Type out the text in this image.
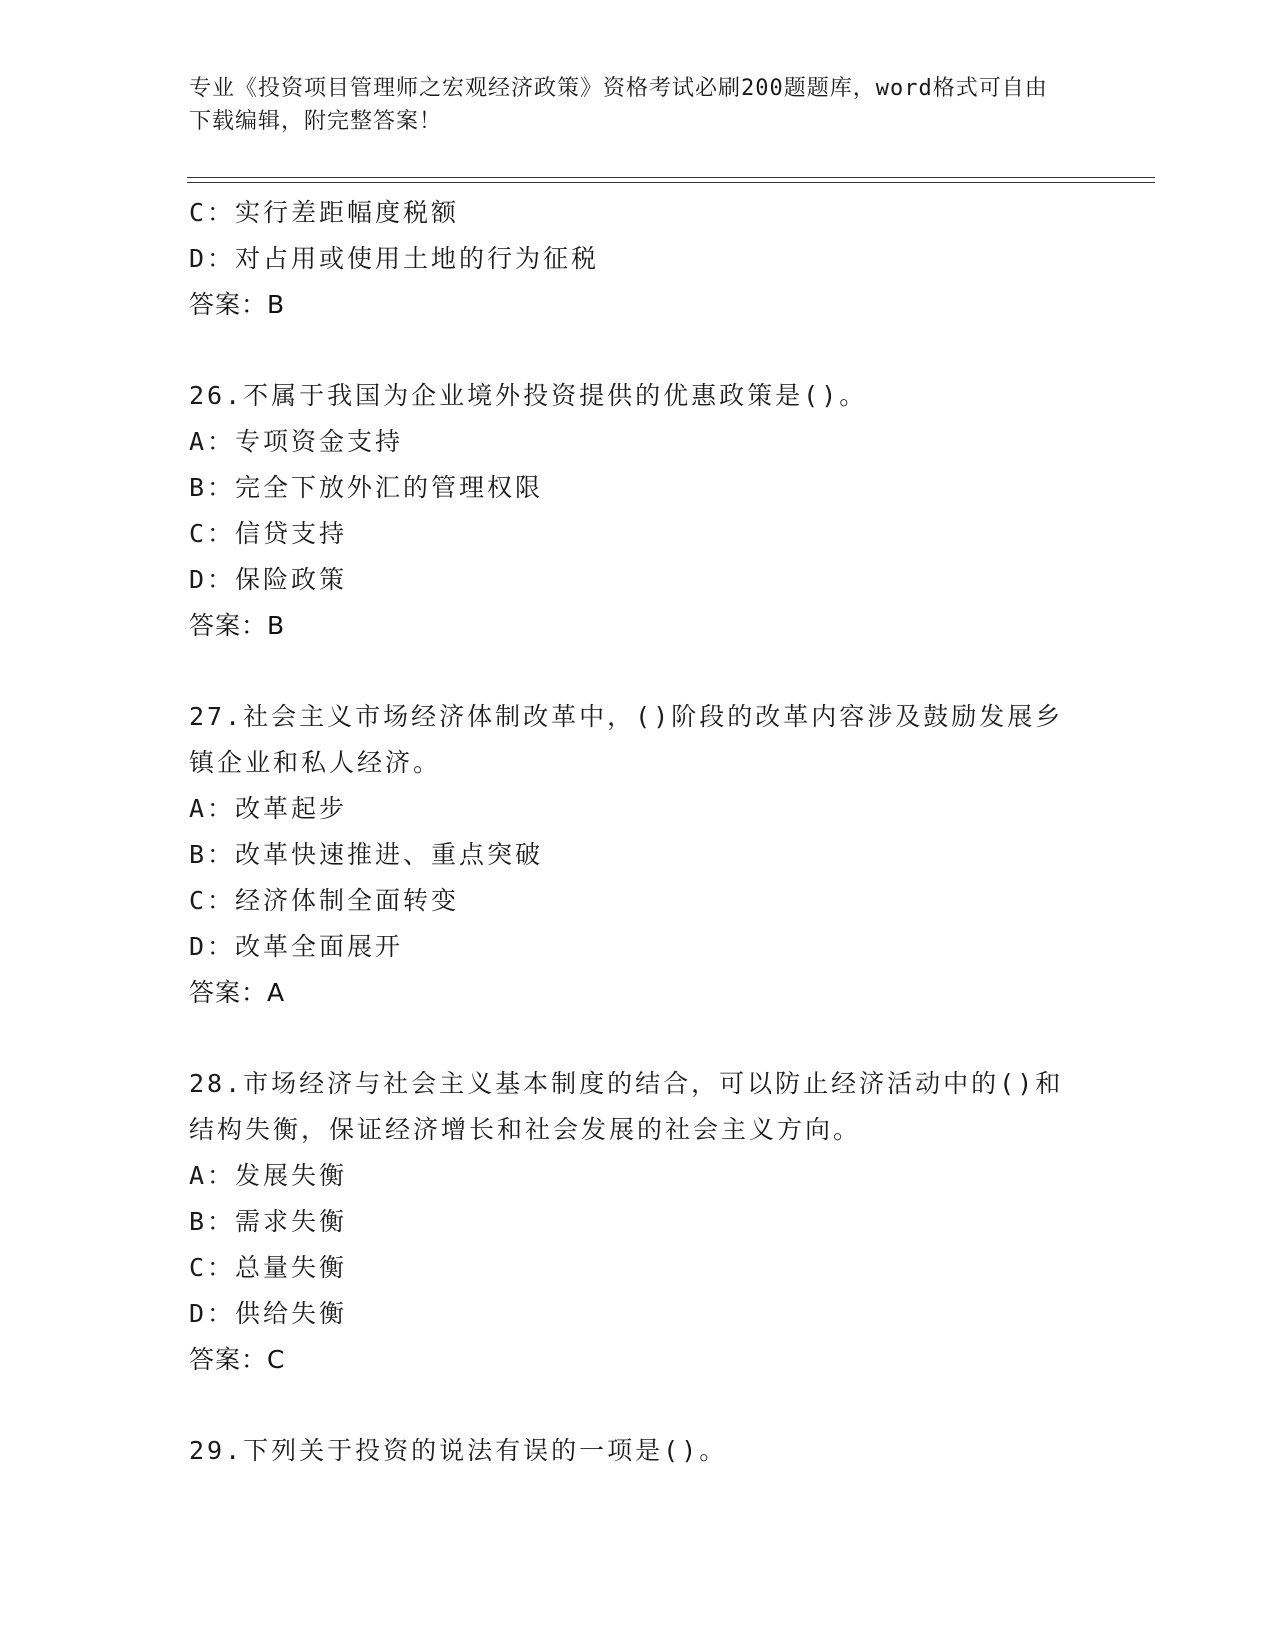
专业《投资项目管理师之宏观经济政策》资格考试必刷200题题库，word格式可自由下载编辑，附完整答案！
C：实行差距幅度税额
D：对占用或使用土地的行为征税
答案：B
26.不属于我国为企业境外投资提供的优惠政策是()。
A：专项资金支持
B：完全下放外汇的管理权限
C：信贷支持
D：保险政策
答案：B
27.社会主义市场经济体制改革中，()阶段的改革内容涉及鼓励发展乡镇企业和私人经济。
A：改革起步
B：改革快速推进、重点突破
C：经济体制全面转变
D：改革全面展开
答案：A
28.市场经济与社会主义基本制度的结合，可以防止经济活动中的()和结构失衡，保证经济增长和社会发展的社会主义方向。
A：发展失衡
B：需求失衡
C：总量失衡
D：供给失衡
答案：C
29.下列关于投资的说法有误的一项是()。
